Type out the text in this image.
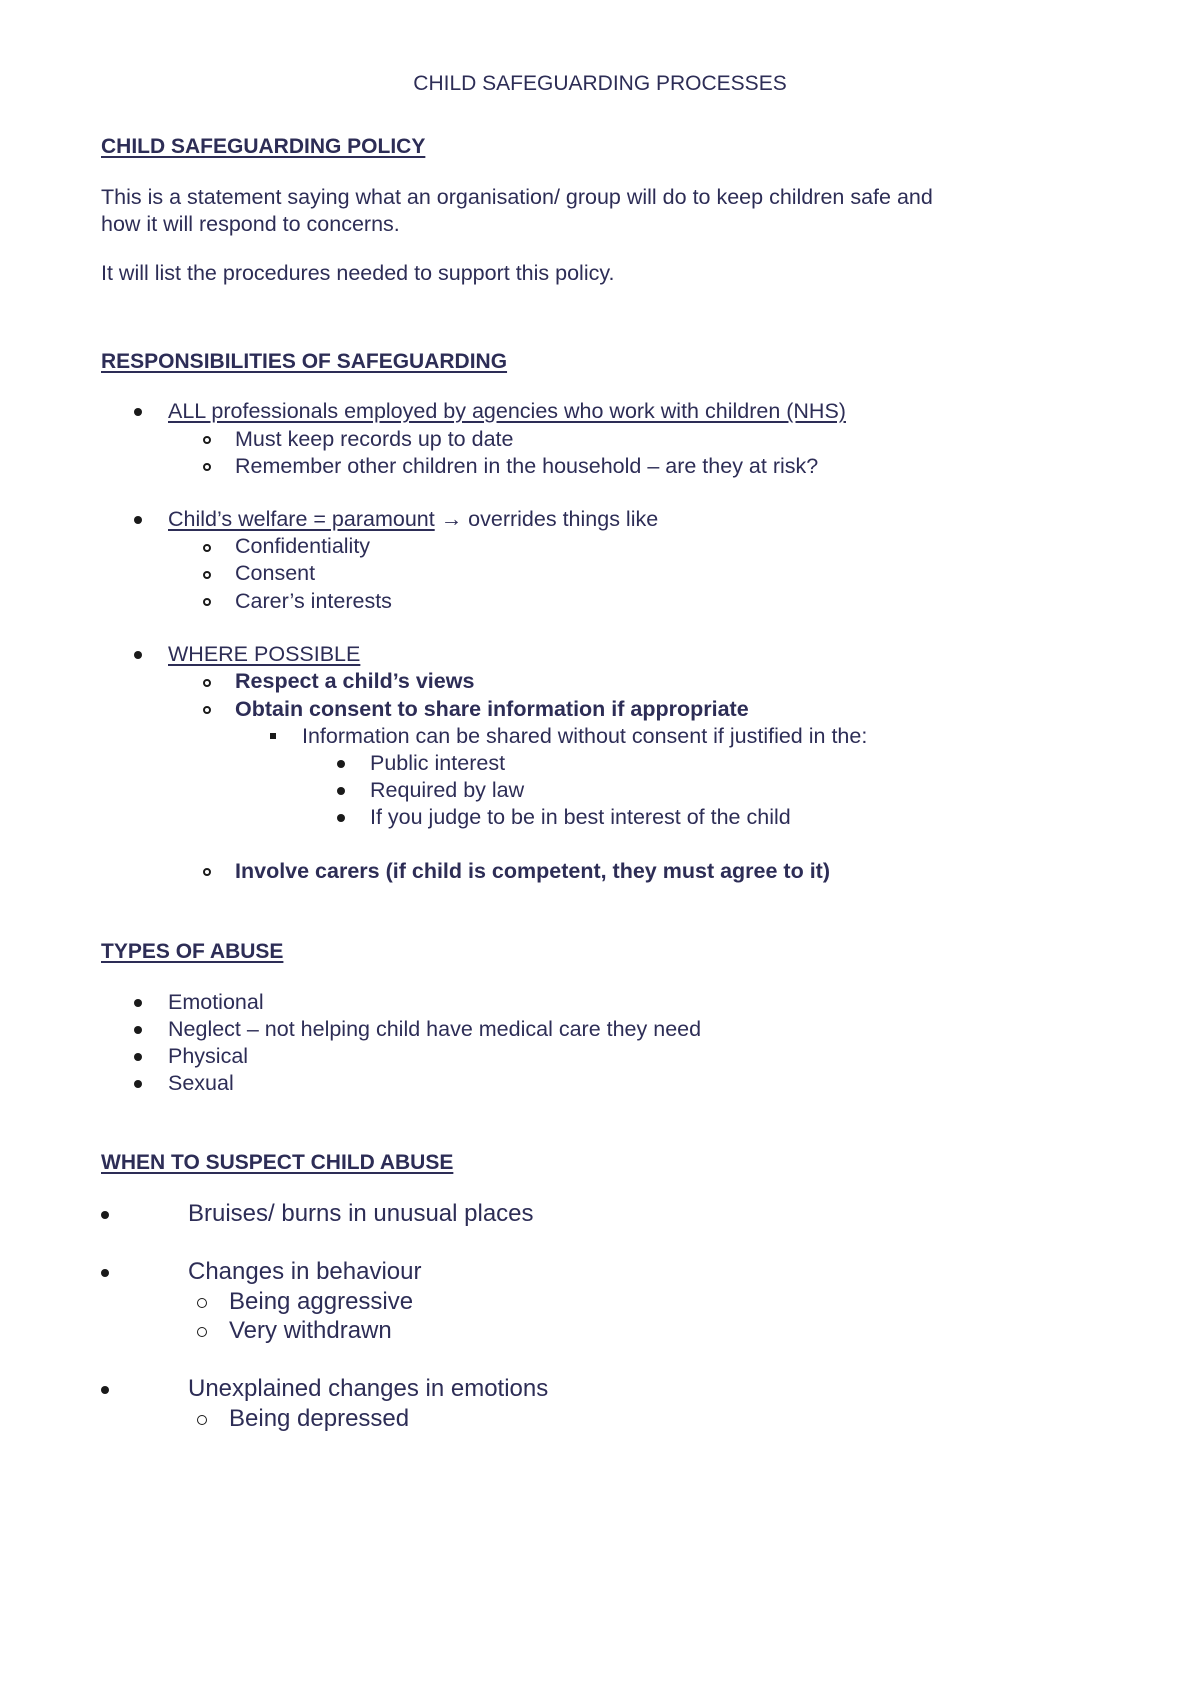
CHILD SAFEGUARDING PROCESSES
CHILD SAFEGUARDING POLICY
This is a statement saying what an organisation/ group will do to keep children safe and
how it will respond to concerns.
It will list the procedures needed to support this policy.
RESPONSIBILITIES OF SAFEGUARDING
ALL professionals employed by agencies who work with children (NHS)
Must keep records up to date
Remember other children in the household – are they at risk?
Child’s welfare = paramount → overrides things like
Confidentiality
Consent
Carer’s interests
WHERE POSSIBLE
Respect a child’s views
Obtain consent to share information if appropriate
Information can be shared without consent if justified in the:
Public interest
Required by law
If you judge to be in best interest of the child
Involve carers (if child is competent, they must agree to it)
TYPES OF ABUSE
Emotional
Neglect – not helping child have medical care they need
Physical
Sexual
WHEN TO SUSPECT CHILD ABUSE
Bruises/ burns in unusual places
Changes in behaviour
Being aggressive
Very withdrawn
Unexplained changes in emotions
Being depressed
